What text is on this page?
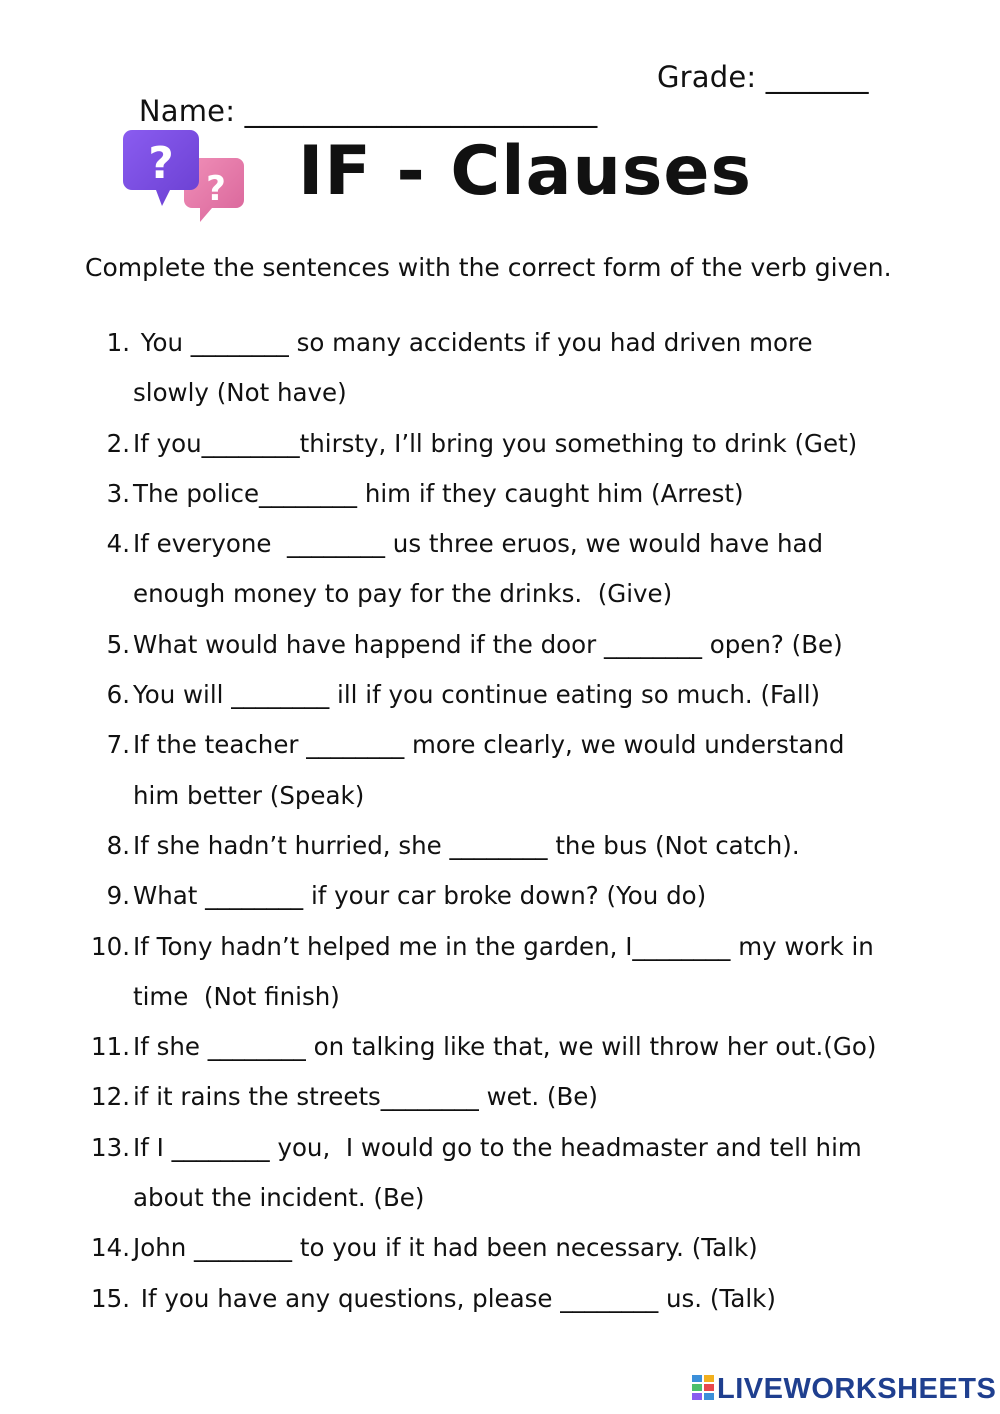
Name: ________________________

Grade: _______

?
?	IF - Clauses
Complete the sentences with the correct form of the verb given.
1. You ________ so many accidents if you had driven more
slowly (Not have)
2. If you________thirsty, I’ll bring you something to drink (Get)
3. The police________ him if they caught him (Arrest)
4. If everyone  ________ us three eruos, we would have had
enough money to pay for the drinks.  (Give)
5. What would have happend if the door ________ open? (Be)
6. You will ________ ill if you continue eating so much. (Fall)
7. If the teacher ________ more clearly, we would understand
him better (Speak)
8. If she hadn’t hurried, she ________ the bus (Not catch).
9. What ________ if your car broke down? (You do)
10. If Tony hadn’t helped me in the garden, I________ my work in
time  (Not finish)
11. If she ________ on talking like that, we will throw her out.(Go)
12. if it rains the streets________ wet. (Be)
13. If I ________ you,  I would go to the headmaster and tell him
about the incident. (Be)
14. John ________ to you if it had been necessary. (Talk)
15. If you have any questions, please ________ us. (Talk)
LIVEWORKSHEETS
